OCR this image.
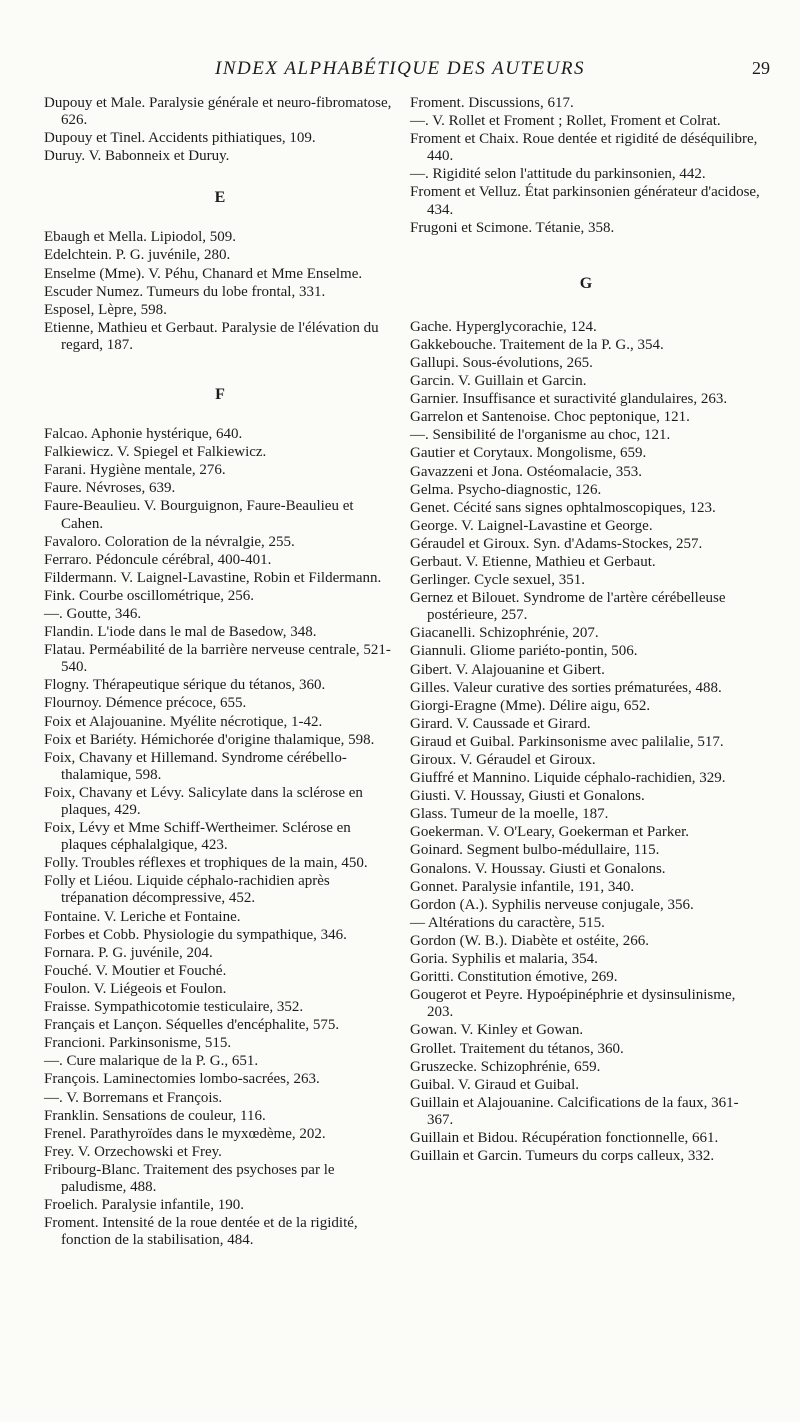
INDEX ALPHABÉTIQUE DES AUTEURS	29

Dupouy et Male. Paralysie générale et neuro-fibromatose, 626.

Dupouy et Tinel. Accidents pithiatiques, 109.

Duruy. V. Babonneix et Duruy.

E

Ebaugh et Mella. Lipiodol, 509.

Edelchtein. P. G. juvénile, 280.

Enselme (Mme). V. Péhu, Chanard et Mme Enselme.

Escuder Numez. Tumeurs du lobe frontal, 331.

Esposel, Lèpre, 598.

Etienne, Mathieu et Gerbaut. Paralysie de l'élévation du regard, 187.

F

Falcao. Aphonie hystérique, 640.

Falkiewicz. V. Spiegel et Falkiewicz.

Farani. Hygiène mentale, 276.

Faure. Névroses, 639.

Faure-Beaulieu. V. Bourguignon, Faure-Beaulieu et Cahen.

Favaloro. Coloration de la névralgie, 255.

Ferraro. Pédoncule cérébral, 400-401.

Fildermann. V. Laignel-Lavastine, Robin et Fildermann.

Fink. Courbe oscillométrique, 256.

—. Goutte, 346.

Flandin. L'iode dans le mal de Basedow, 348.

Flatau. Perméabilité de la barrière nerveuse centrale, 521-540.

Flogny. Thérapeutique sérique du tétanos, 360.

Flournoy. Démence précoce, 655.

Foix et Alajouanine. Myélite nécrotique, 1-42.

Foix et Bariéty. Hémichorée d'origine thalamique, 598.

Foix, Chavany et Hillemand. Syndrome cérébello-thalamique, 598.

Foix, Chavany et Lévy. Salicylate dans la sclérose en plaques, 429.

Foix, Lévy et Mme Schiff-Wertheimer. Sclérose en plaques céphalalgique, 423.

Folly. Troubles réflexes et trophiques de la main, 450.

Folly et Liéou. Liquide céphalo-rachidien après trépanation décompressive, 452.

Fontaine. V. Leriche et Fontaine.

Forbes et Cobb. Physiologie du sympathique, 346.

Fornara. P. G. juvénile, 204.

Fouché. V. Moutier et Fouché.

Foulon. V. Liégeois et Foulon.

Fraisse. Sympathicotomie testiculaire, 352.

Français et Lançon. Séquelles d'encéphalite, 575.

Francioni. Parkinsonisme, 515.

—. Cure malarique de la P. G., 651.

François. Laminectomies lombo-sacrées, 263.

—. V. Borremans et François.

Franklin. Sensations de couleur, 116.

Frenel. Parathyroïdes dans le myxœdème, 202.

Frey. V. Orzechowski et Frey.

Fribourg-Blanc. Traitement des psychoses par le paludisme, 488.

Froelich. Paralysie infantile, 190.

Froment. Intensité de la roue dentée et de la rigidité, fonction de la stabilisation, 484.

Froment. Discussions, 617.

—. V. Rollet et Froment ; Rollet, Froment et Colrat.

Froment et Chaix. Roue dentée et rigidité de déséquilibre, 440.

—. Rigidité selon l'attitude du parkinsonien, 442.

Froment et Velluz. État parkinsonien générateur d'acidose, 434.

Frugoni et Scimone. Tétanie, 358.

G

Gache. Hyperglycorachie, 124.

Gakkebouche. Traitement de la P. G., 354.

Gallupi. Sous-évolutions, 265.

Garcin. V. Guillain et Garcin.

Garnier. Insuffisance et suractivité glandulaires, 263.

Garrelon et Santenoise. Choc peptonique, 121.

—. Sensibilité de l'organisme au choc, 121.

Gautier et Corytaux. Mongolisme, 659.

Gavazzeni et Jona. Ostéomalacie, 353.

Gelma. Psycho-diagnostic, 126.

Genet. Cécité sans signes ophtalmoscopiques, 123.

George. V. Laignel-Lavastine et George.

Géraudel et Giroux. Syn. d'Adams-Stockes, 257.

Gerbaut. V. Etienne, Mathieu et Gerbaut.

Gerlinger. Cycle sexuel, 351.

Gernez et Bilouet. Syndrome de l'artère cérébelleuse postérieure, 257.

Giacanelli. Schizophrénie, 207.

Giannuli. Gliome pariéto-pontin, 506.

Gibert. V. Alajouanine et Gibert.

Gilles. Valeur curative des sorties prématurées, 488.

Giorgi-Eragne (Mme). Délire aigu, 652.

Girard. V. Caussade et Girard.

Giraud et Guibal. Parkinsonisme avec palilalie, 517.

Giroux. V. Géraudel et Giroux.

Giuffré et Mannino. Liquide céphalo-rachidien, 329.

Giusti. V. Houssay, Giusti et Gonalons.

Glass. Tumeur de la moelle, 187.

Goekerman. V. O'Leary, Goekerman et Parker.

Goinard. Segment bulbo-médullaire, 115.

Gonalons. V. Houssay. Giusti et Gonalons.

Gonnet. Paralysie infantile, 191, 340.

Gordon (A.). Syphilis nerveuse conjugale, 356.

— Altérations du caractère, 515.

Gordon (W. B.). Diabète et ostéite, 266.

Goria. Syphilis et malaria, 354.

Goritti. Constitution émotive, 269.

Gougerot et Peyre. Hypoépinéphrie et dysinsulinisme, 203.

Gowan. V. Kinley et Gowan.

Grollet. Traitement du tétanos, 360.

Gruszecke. Schizophrénie, 659.

Guibal. V. Giraud et Guibal.

Guillain et Alajouanine. Calcifications de la faux, 361-367.

Guillain et Bidou. Récupération fonctionnelle, 661.

Guillain et Garcin. Tumeurs du corps calleux, 332.
